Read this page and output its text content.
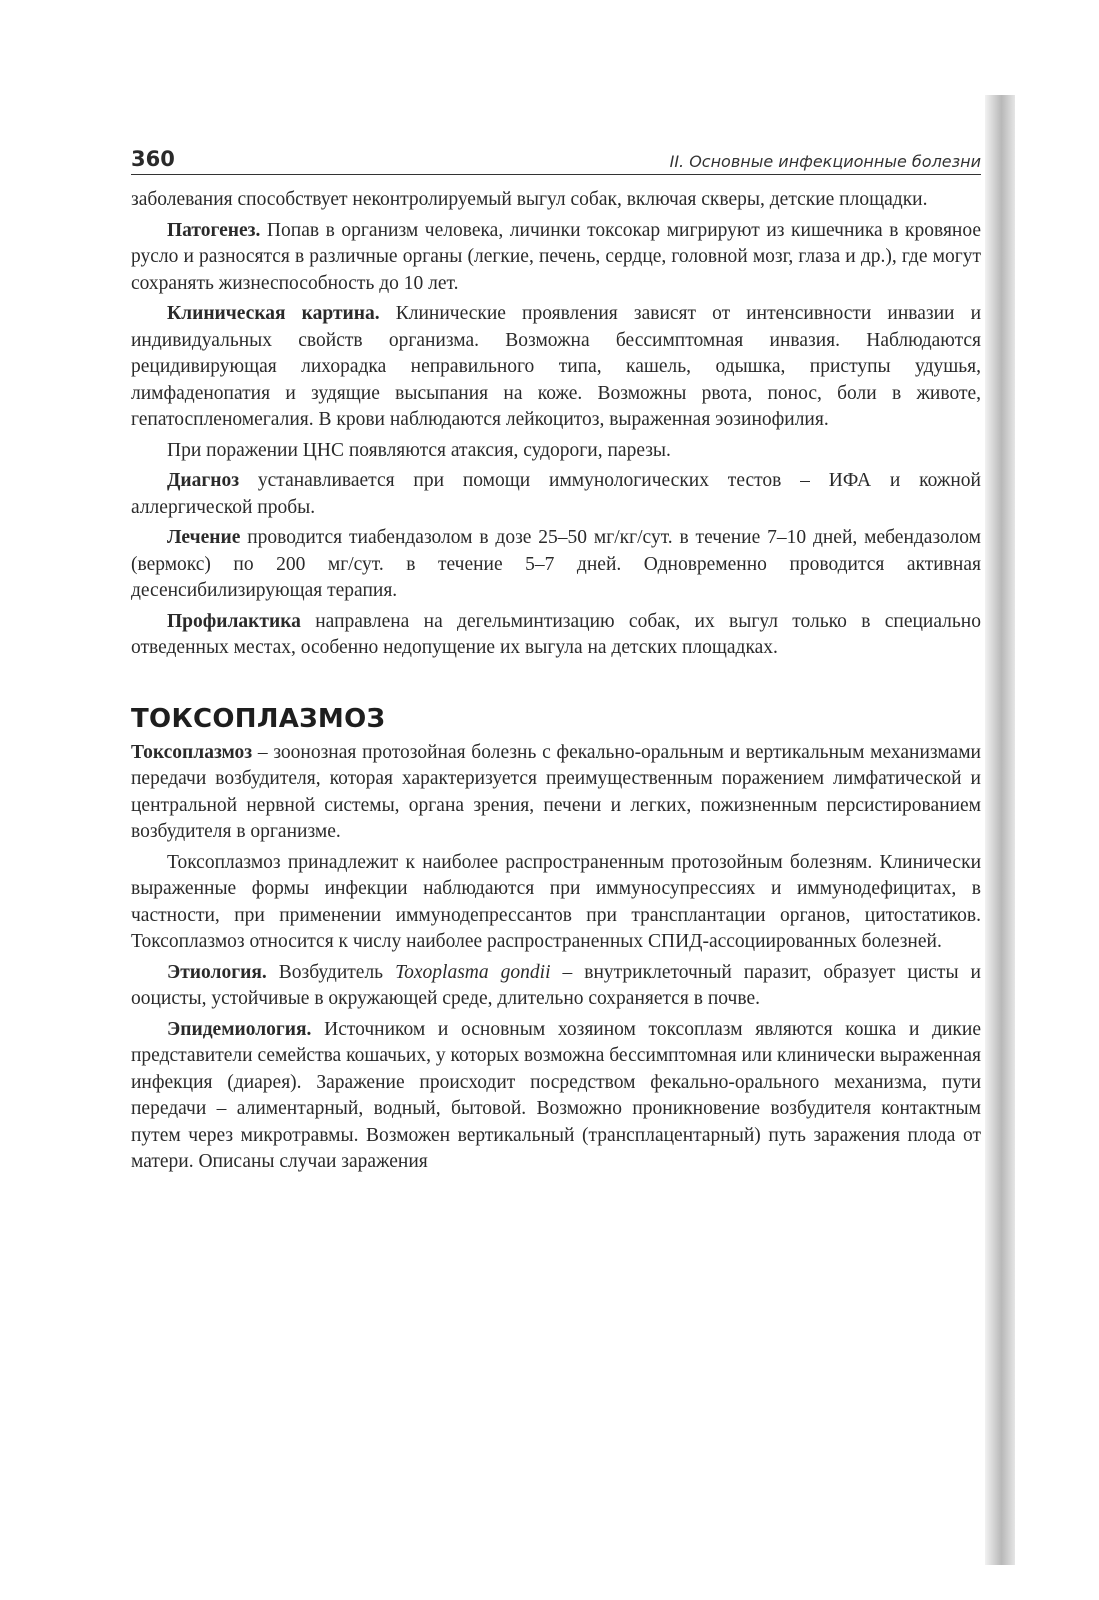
360	II. Основные инфекционные болезни

заболевания способствует неконтролируемый выгул собак, включая скверы, детские площадки.

Патогенез. Попав в организм человека, личинки токсокар мигрируют из кишечника в кровяное русло и разносятся в различные органы (легкие, печень, сердце, головной мозг, глаза и др.), где могут сохранять жизнеспособность до 10 лет.

Клиническая картина. Клинические проявления зависят от интенсивности инвазии и индивидуальных свойств организма. Возможна бессимптомная инвазия. Наблюдаются рецидивирующая лихорадка неправильного типа, кашель, одышка, приступы удушья, лимфаденопатия и зудящие высыпания на коже. Возможны рвота, понос, боли в животе, гепатоспленомегалия. В крови наблюдаются лейкоцитоз, выраженная эозинофилия.

При поражении ЦНС появляются атаксия, судороги, парезы.

Диагноз устанавливается при помощи иммунологических тестов – ИФА и кожной аллергической пробы.

Лечение проводится тиабендазолом в дозе 25–50 мг/кг/сут. в течение 7–10 дней, мебендазолом (вермокс) по 200 мг/сут. в течение 5–7 дней. Одновременно проводится активная десенсибилизирующая терапия.

Профилактика направлена на дегельминтизацию собак, их выгул только в специально отведенных местах, особенно недопущение их выгула на детских площадках.

ТОКСОПЛАЗМОЗ

Токсоплазмоз – зоонозная протозойная болезнь с фекально-оральным и вертикальным механизмами передачи возбудителя, которая характеризуется преимущественным поражением лимфатической и центральной нервной системы, органа зрения, печени и легких, пожизненным персистированием возбудителя в организме.

Токсоплазмоз принадлежит к наиболее распространенным протозойным болезням. Клинически выраженные формы инфекции наблюдаются при иммуносупрессиях и иммунодефицитах, в частности, при применении иммунодепрессантов при трансплантации органов, цитостатиков. Токсоплазмоз относится к числу наиболее распространенных СПИД-ассоциированных болезней.

Этиология. Возбудитель Toxoplasma gondii – внутриклеточный паразит, образует цисты и ооцисты, устойчивые в окружающей среде, длительно сохраняется в почве.

Эпидемиология. Источником и основным хозяином токсоплазм являются кошка и дикие представители семейства кошачьих, у которых возможна бессимптомная или клинически выраженная инфекция (диарея). Заражение происходит посредством фекально-орального механизма, пути передачи – алиментарный, водный, бытовой. Возможно проникновение возбудителя контактным путем через микротравмы. Возможен вертикальный (трансплацентарный) путь заражения плода от матери. Описаны случаи заражения
